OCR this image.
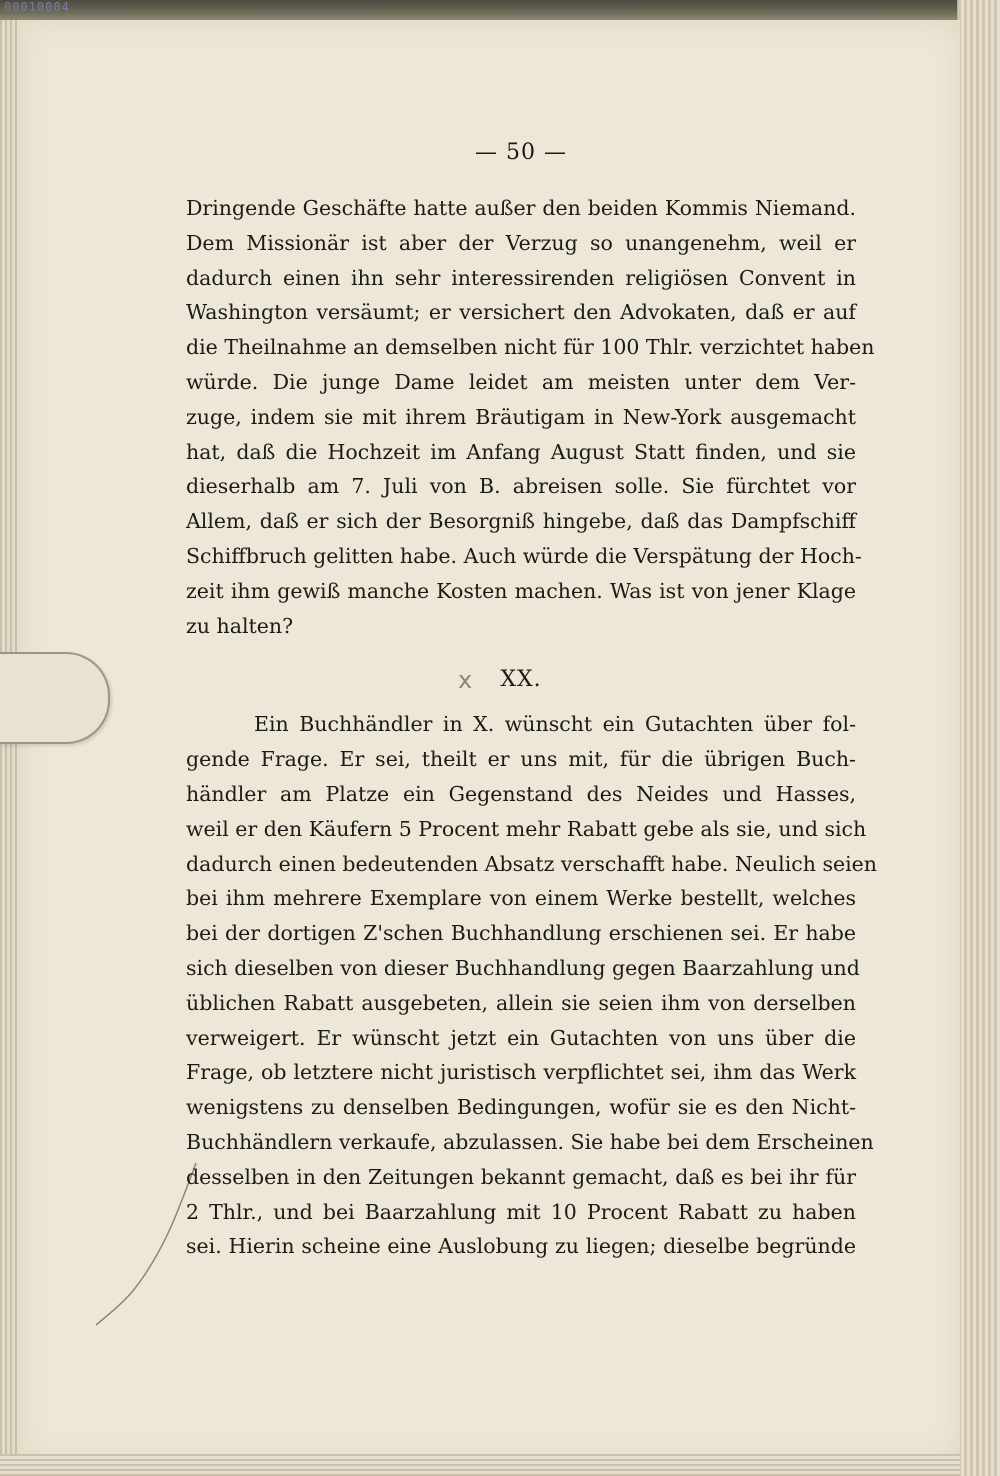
00010004
x
— 50 —
Dringende Geschäfte hatte außer den beiden Kommis Niemand.
Dem Missionär ist aber der Verzug so unangenehm, weil er
dadurch einen ihn sehr interessirenden religiösen Convent in
Washington versäumt; er versichert den Advokaten, daß er auf
die Theilnahme an demselben nicht für 100 Thlr. verzichtet haben
würde. Die junge Dame leidet am meisten unter dem Ver-
zuge, indem sie mit ihrem Bräutigam in New-York ausgemacht
hat, daß die Hochzeit im Anfang August Statt finden, und sie
dieserhalb am 7. Juli von B. abreisen solle. Sie fürchtet vor
Allem, daß er sich der Besorgniß hingebe, daß das Dampfschiff
Schiffbruch gelitten habe. Auch würde die Verspätung der Hoch-
zeit ihm gewiß manche Kosten machen. Was ist von jener Klage
zu halten?
XX.
Ein Buchhändler in X. wünscht ein Gutachten über fol-
gende Frage. Er sei, theilt er uns mit, für die übrigen Buch-
händler am Platze ein Gegenstand des Neides und Hasses,
weil er den Käufern 5 Procent mehr Rabatt gebe als sie, und sich
dadurch einen bedeutenden Absatz verschafft habe. Neulich seien
bei ihm mehrere Exemplare von einem Werke bestellt, welches
bei der dortigen Z'schen Buchhandlung erschienen sei. Er habe
sich dieselben von dieser Buchhandlung gegen Baarzahlung und
üblichen Rabatt ausgebeten, allein sie seien ihm von derselben
verweigert. Er wünscht jetzt ein Gutachten von uns über die
Frage, ob letztere nicht juristisch verpflichtet sei, ihm das Werk
wenigstens zu denselben Bedingungen, wofür sie es den Nicht-
Buchhändlern verkaufe, abzulassen. Sie habe bei dem Erscheinen
desselben in den Zeitungen bekannt gemacht, daß es bei ihr für
2 Thlr., und bei Baarzahlung mit 10 Procent Rabatt zu haben
sei. Hierin scheine eine Auslobung zu liegen; dieselbe begründe
